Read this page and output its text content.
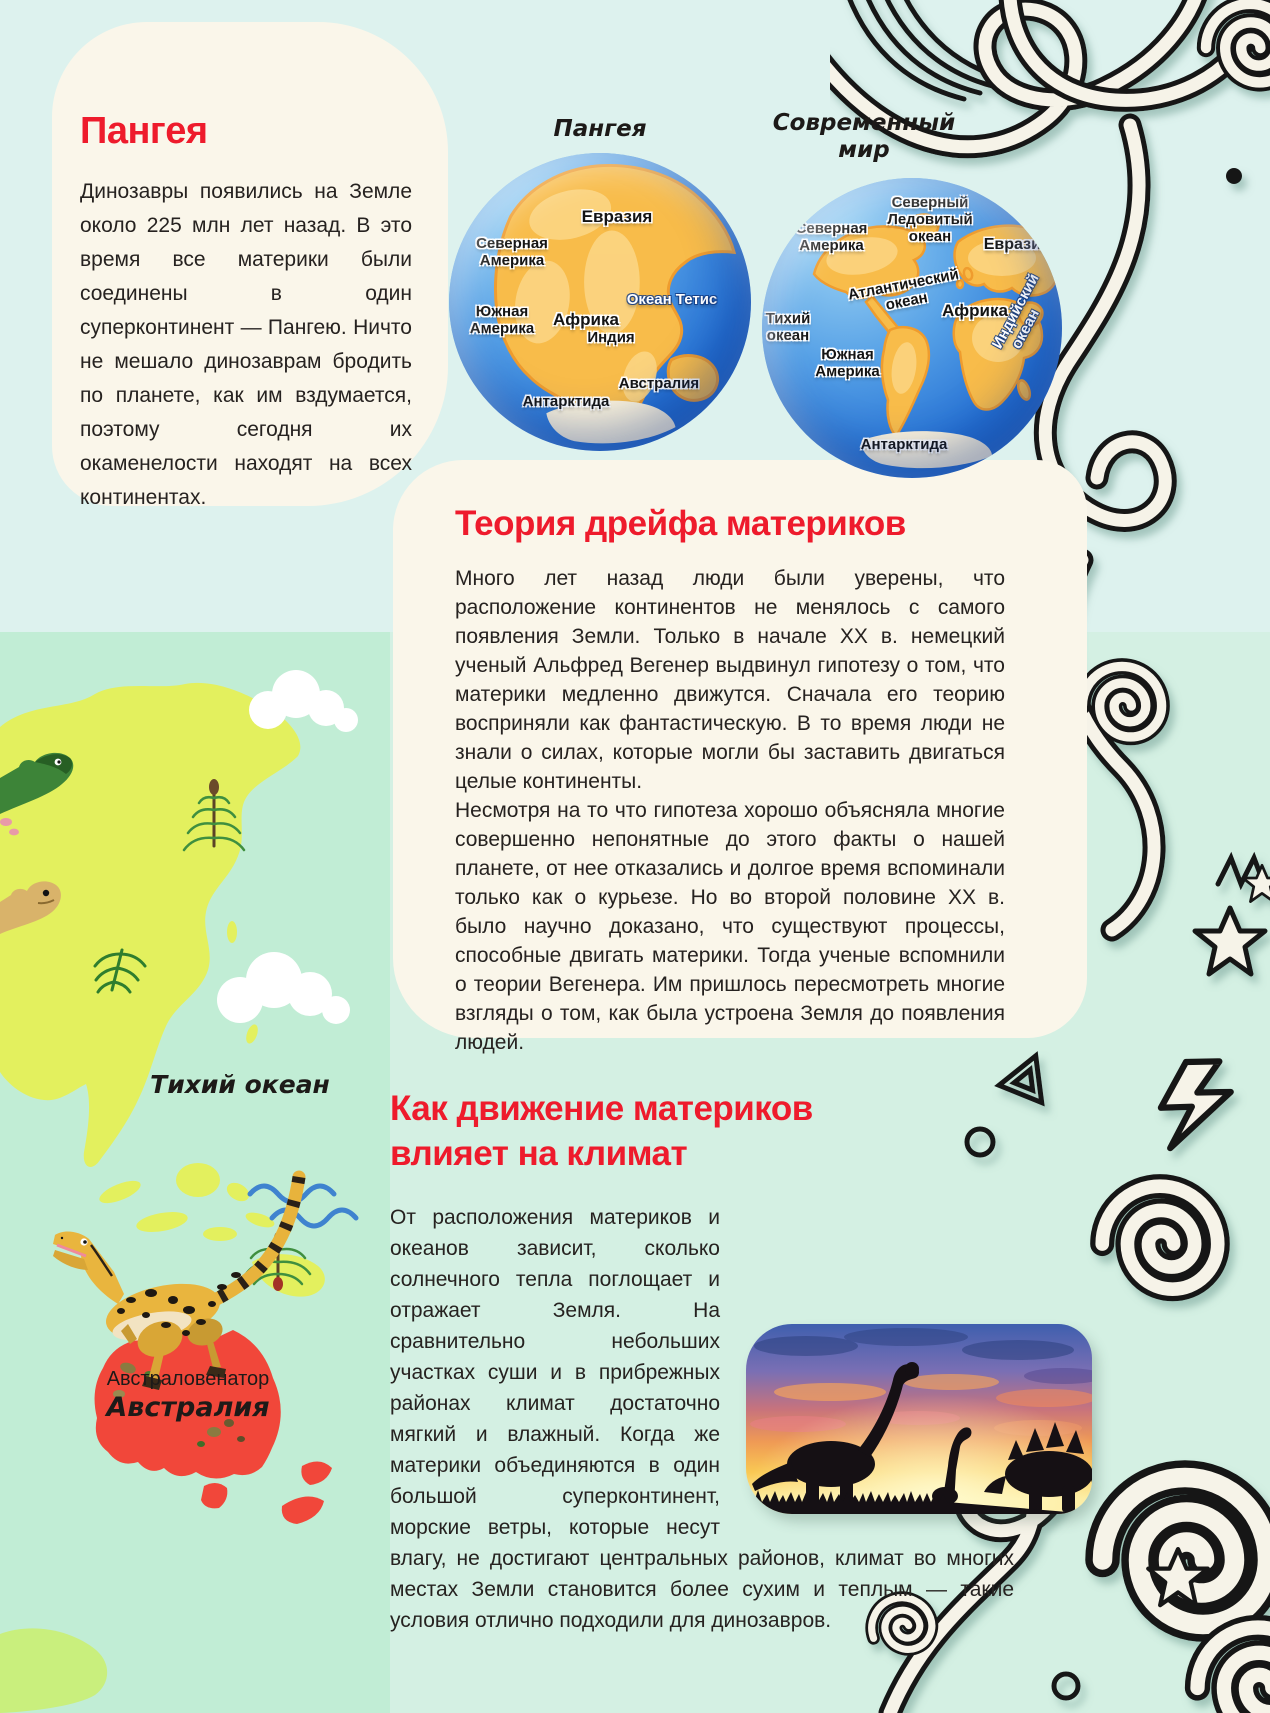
Тихий океан
Австраловенатор
Австралия
Пангея

Динозавры появились на Земле около 225 млн лет назад. В это время все материки были соединены в один суперконтинент — Пангею. Ничто не мешало динозаврам бродить по планете, как им вздумается, поэтому сегодня их окаменелости находят на всех континентах.

Пангея
Евразия
Северная Америка
Южная Америка	Африка
Океан Тетис
Индия
Австралия
Антарктида
Современный мир
Северный Ледовитый океан
Северная Америка	Евразия
Атлантический океан
Тихий океан
Африка
Южная Америка
Индийский океан
Антарктида
Теория дрейфа материков

Много лет назад люди были уверены, что расположение континентов не менялось с самого появления Земли. Только в начале XX в. немецкий ученый Альфред Вегенер выдвинул гипотезу о том, что материки медленно движутся. Сначала его теорию восприняли как фантастическую. В то время люди не знали о силах, которые могли бы заставить двигаться целые континенты.

Несмотря на то что гипотеза хорошо объясняла многие совершенно непонятные до этого факты о нашей планете, от нее отказались и долгое время вспоминали только как о курьезе. Но во второй половине XX в. было научно доказано, что существуют процессы, способные двигать материки. Тогда ученые вспомнили о теории Вегенера. Им пришлось пересмотреть многие взгляды о том, как была устроена Земля до появления людей.

Как движение материков
влияет на климат

От расположения материков и океанов зависит, сколько солнечного тепла поглощает и отражает Земля. На сравнительно небольших участках суши и в прибрежных районах климат достаточно мягкий и влажный. Когда же материки объединяются в один большой суперконтинент, морские ветры, которые несут влагу, не достигают центральных районов, климат во многих местах Земли становится более сухим и теплым — такие условия отлично подходили для динозавров.
